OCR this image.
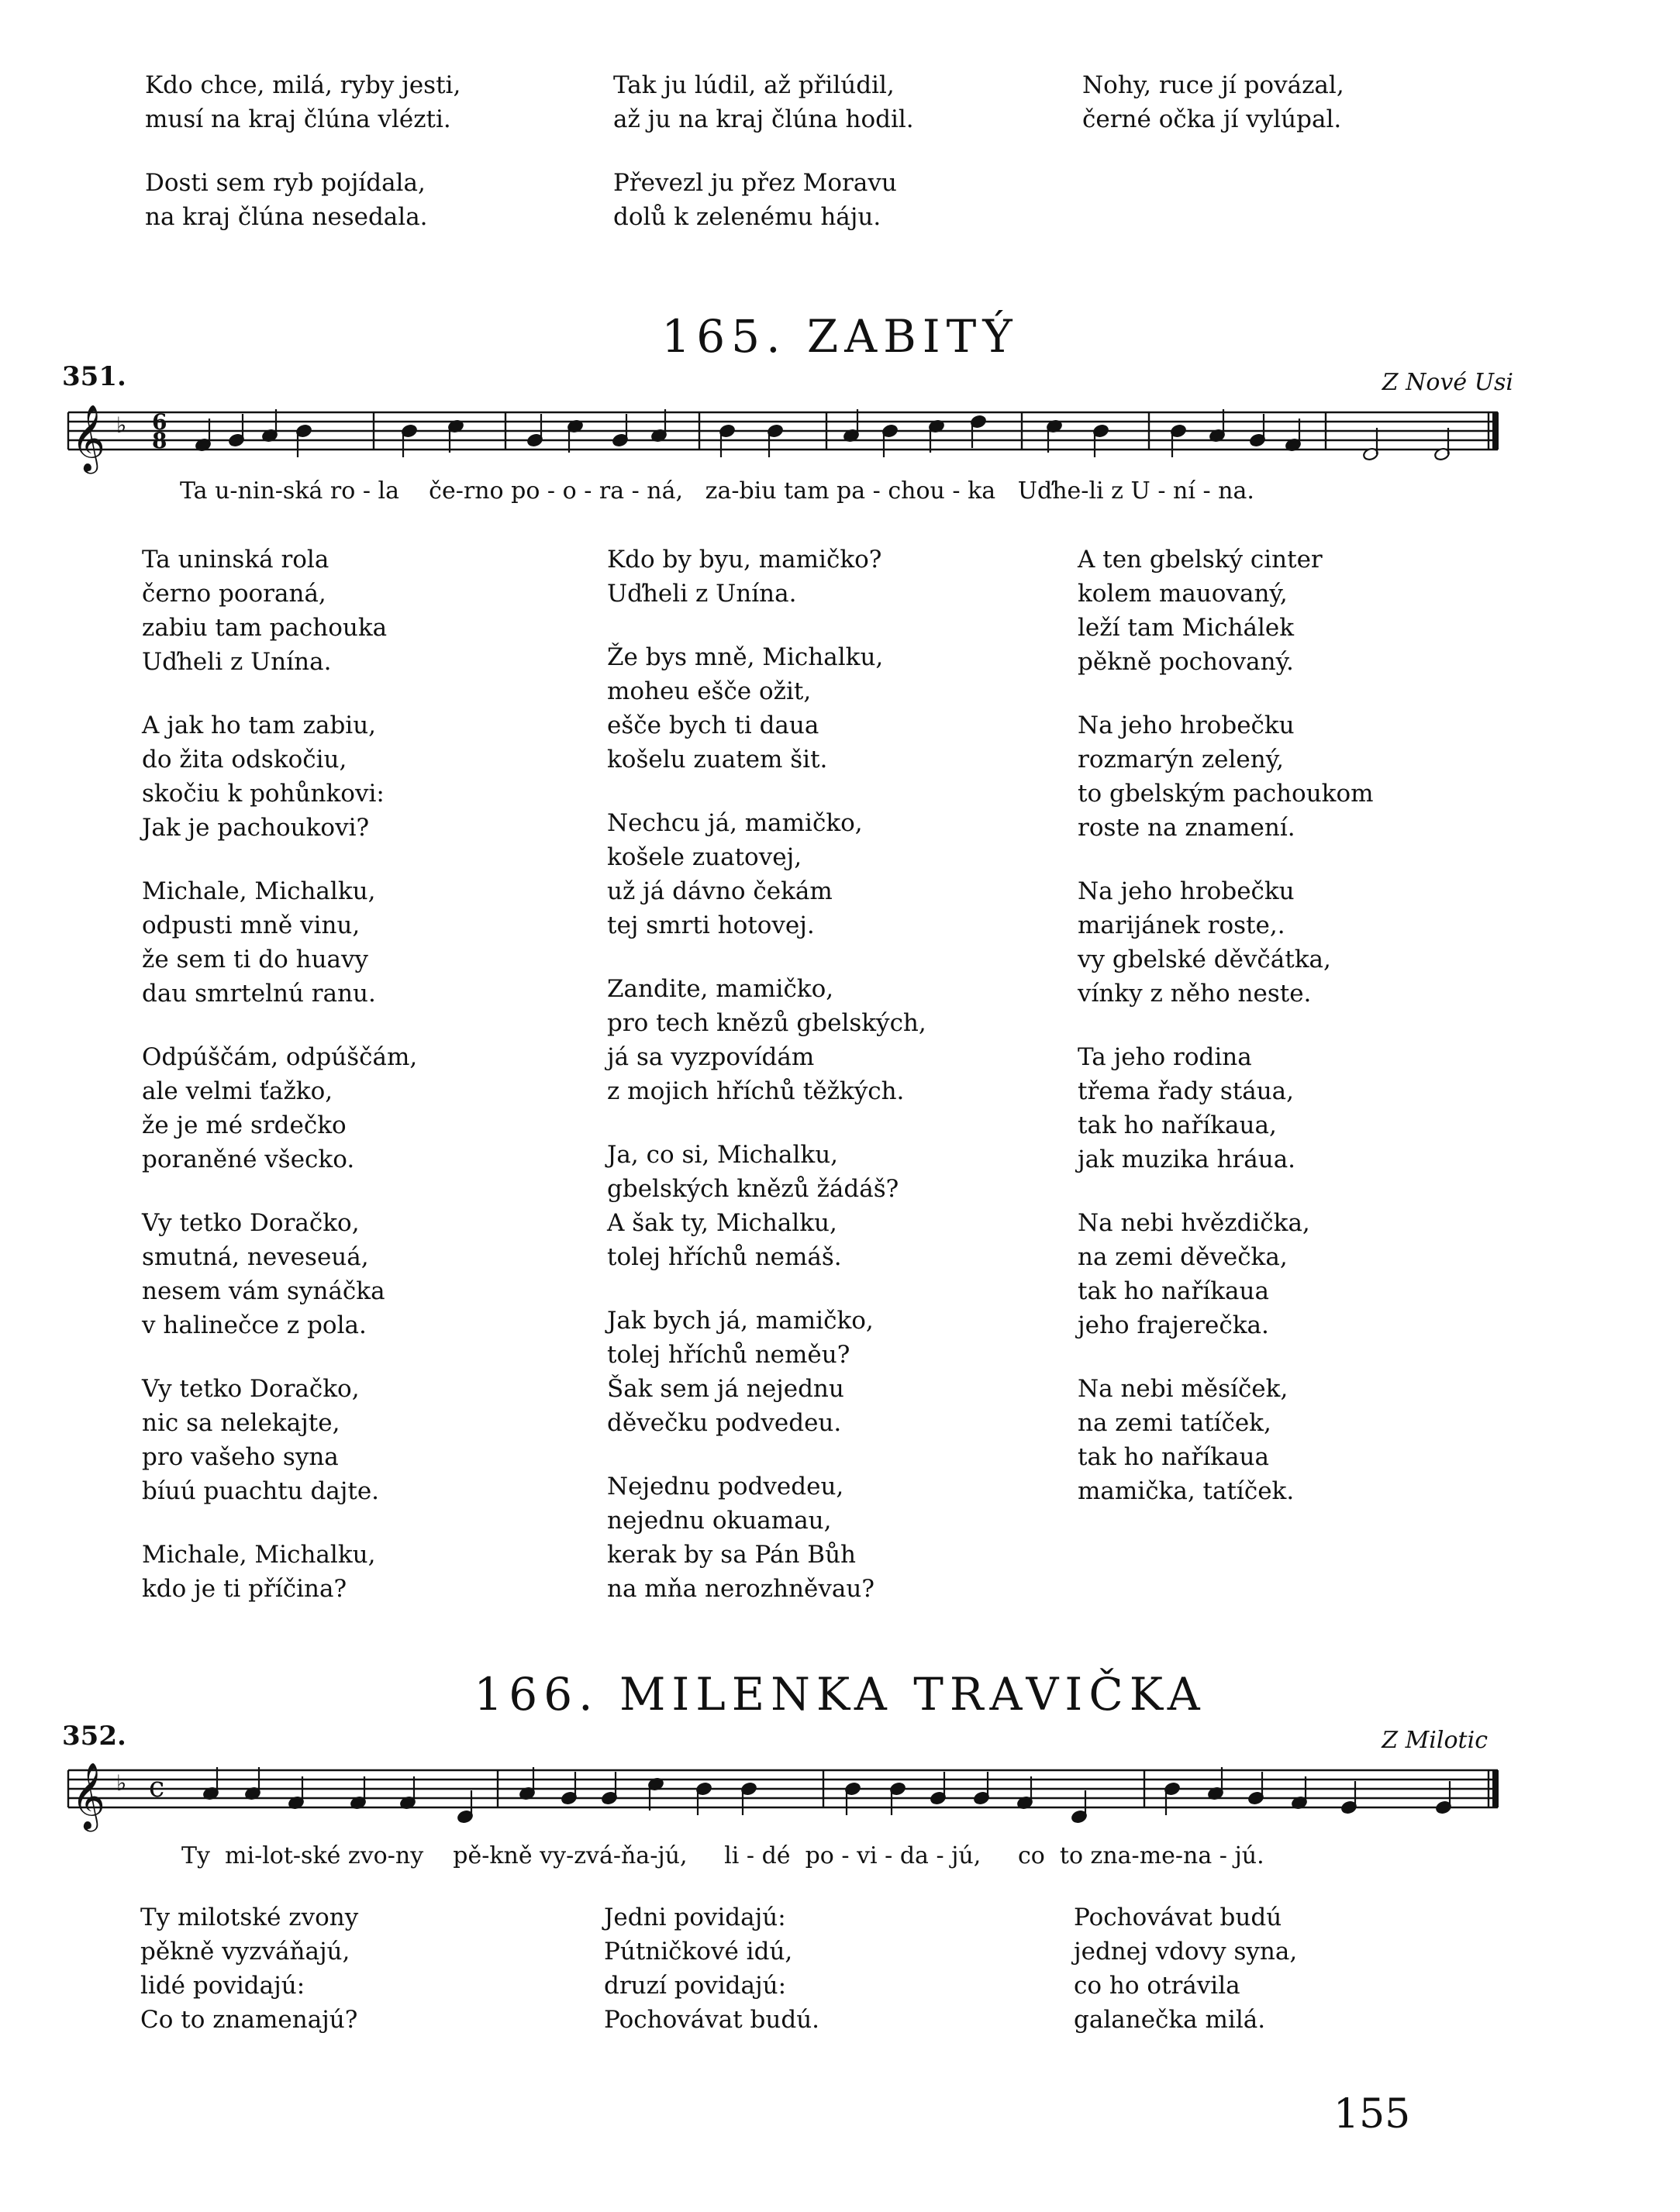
Kdo chce, milá, ryby jesti,
musí na kraj člúna vlézti.
Dosti sem ryb pojídala,
na kraj člúna nesedala.
Tak ju lúdil, až přilúdil,
až ju na kraj člúna hodil.
Převezl ju přez Moravu
dolů k zelenému háju.
Nohy, ruce jí povázal,
černé očka jí vylúpal.
165. ZABITÝ
351.	Z Nové Usi
𝄞 ♭ 6
8
Ta u-nin-ská ro - la    če-rno po - o - ra - ná,   za-biu tam pa - chou - ka   Uďhe-li z U - ní - na.
Ta uninská rola
černo pooraná,
zabiu tam pachouka
Uďheli z Unína.
A jak ho tam zabiu,
do žita odskočiu,
skočiu k pohůnkovi:
Jak je pachoukovi?
Michale, Michalku,
odpusti mně vinu,
že sem ti do huavy
dau smrtelnú ranu.
Odpúščám, odpúščám,
ale velmi ťažko,
že je mé srdečko
poraněné všecko.
Vy tetko Doračko,
smutná, neveseuá,
nesem vám synáčka
v halinečce z pola.
Vy tetko Doračko,
nic sa nelekajte,
pro vašeho syna
bíuú puachtu dajte.
Michale, Michalku,
kdo je ti příčina?
Kdo by byu, mamičko?
Uďheli z Unína.
Že bys mně, Michalku,
moheu ešče ožit,
ešče bych ti daua
košelu zuatem šit.
Nechcu já, mamičko,
košele zuatovej,
už já dávno čekám
tej smrti hotovej.
Zandite, mamičko,
pro tech knězů gbelských,
já sa vyzpovídám
z mojich hříchů těžkých.
Ja, co si, Michalku,
gbelských knězů žádáš?
A šak ty, Michalku,
tolej hříchů nemáš.
Jak bych já, mamičko,
tolej hříchů neměu?
Šak sem já nejednu
děvečku podvedeu.
Nejednu podvedeu,
nejednu okuamau,
kerak by sa Pán Bůh
na mňa nerozhněvau?
A ten gbelský cinter
kolem mauovaný,
leží tam Michálek
pěkně pochovaný.
Na jeho hrobečku
rozmarýn zelený,
to gbelským pachoukom
roste na znamení.
Na jeho hrobečku
marijánek roste,.
vy gbelské děvčátka,
vínky z něho neste.
Ta jeho rodina
třema řady stáua,
tak ho naříkaua,
jak muzika hráua.
Na nebi hvězdička,
na zemi děvečka,
tak ho naříkaua
jeho frajerečka.
Na nebi měsíček,
na zemi tatíček,
tak ho naříkaua
mamička, tatíček.
166. MILENKA TRAVIČKA
352.	Z Milotic
𝄞 ♭ c
Ty  mi-lot-ské zvo-ny    pě-kně vy-zvá-ňa-jú,     li - dé  po - vi - da - jú,     co  to zna-me-na - jú.
Ty milotské zvony
pěkně vyzváňajú,
lidé povidajú:
Co to znamenajú?
Jedni povidajú:
Pútničkové idú,
druzí povidajú:
Pochovávat budú.
Pochovávat budú
jednej vdovy syna,
co ho otrávila
galanečka milá.
155
